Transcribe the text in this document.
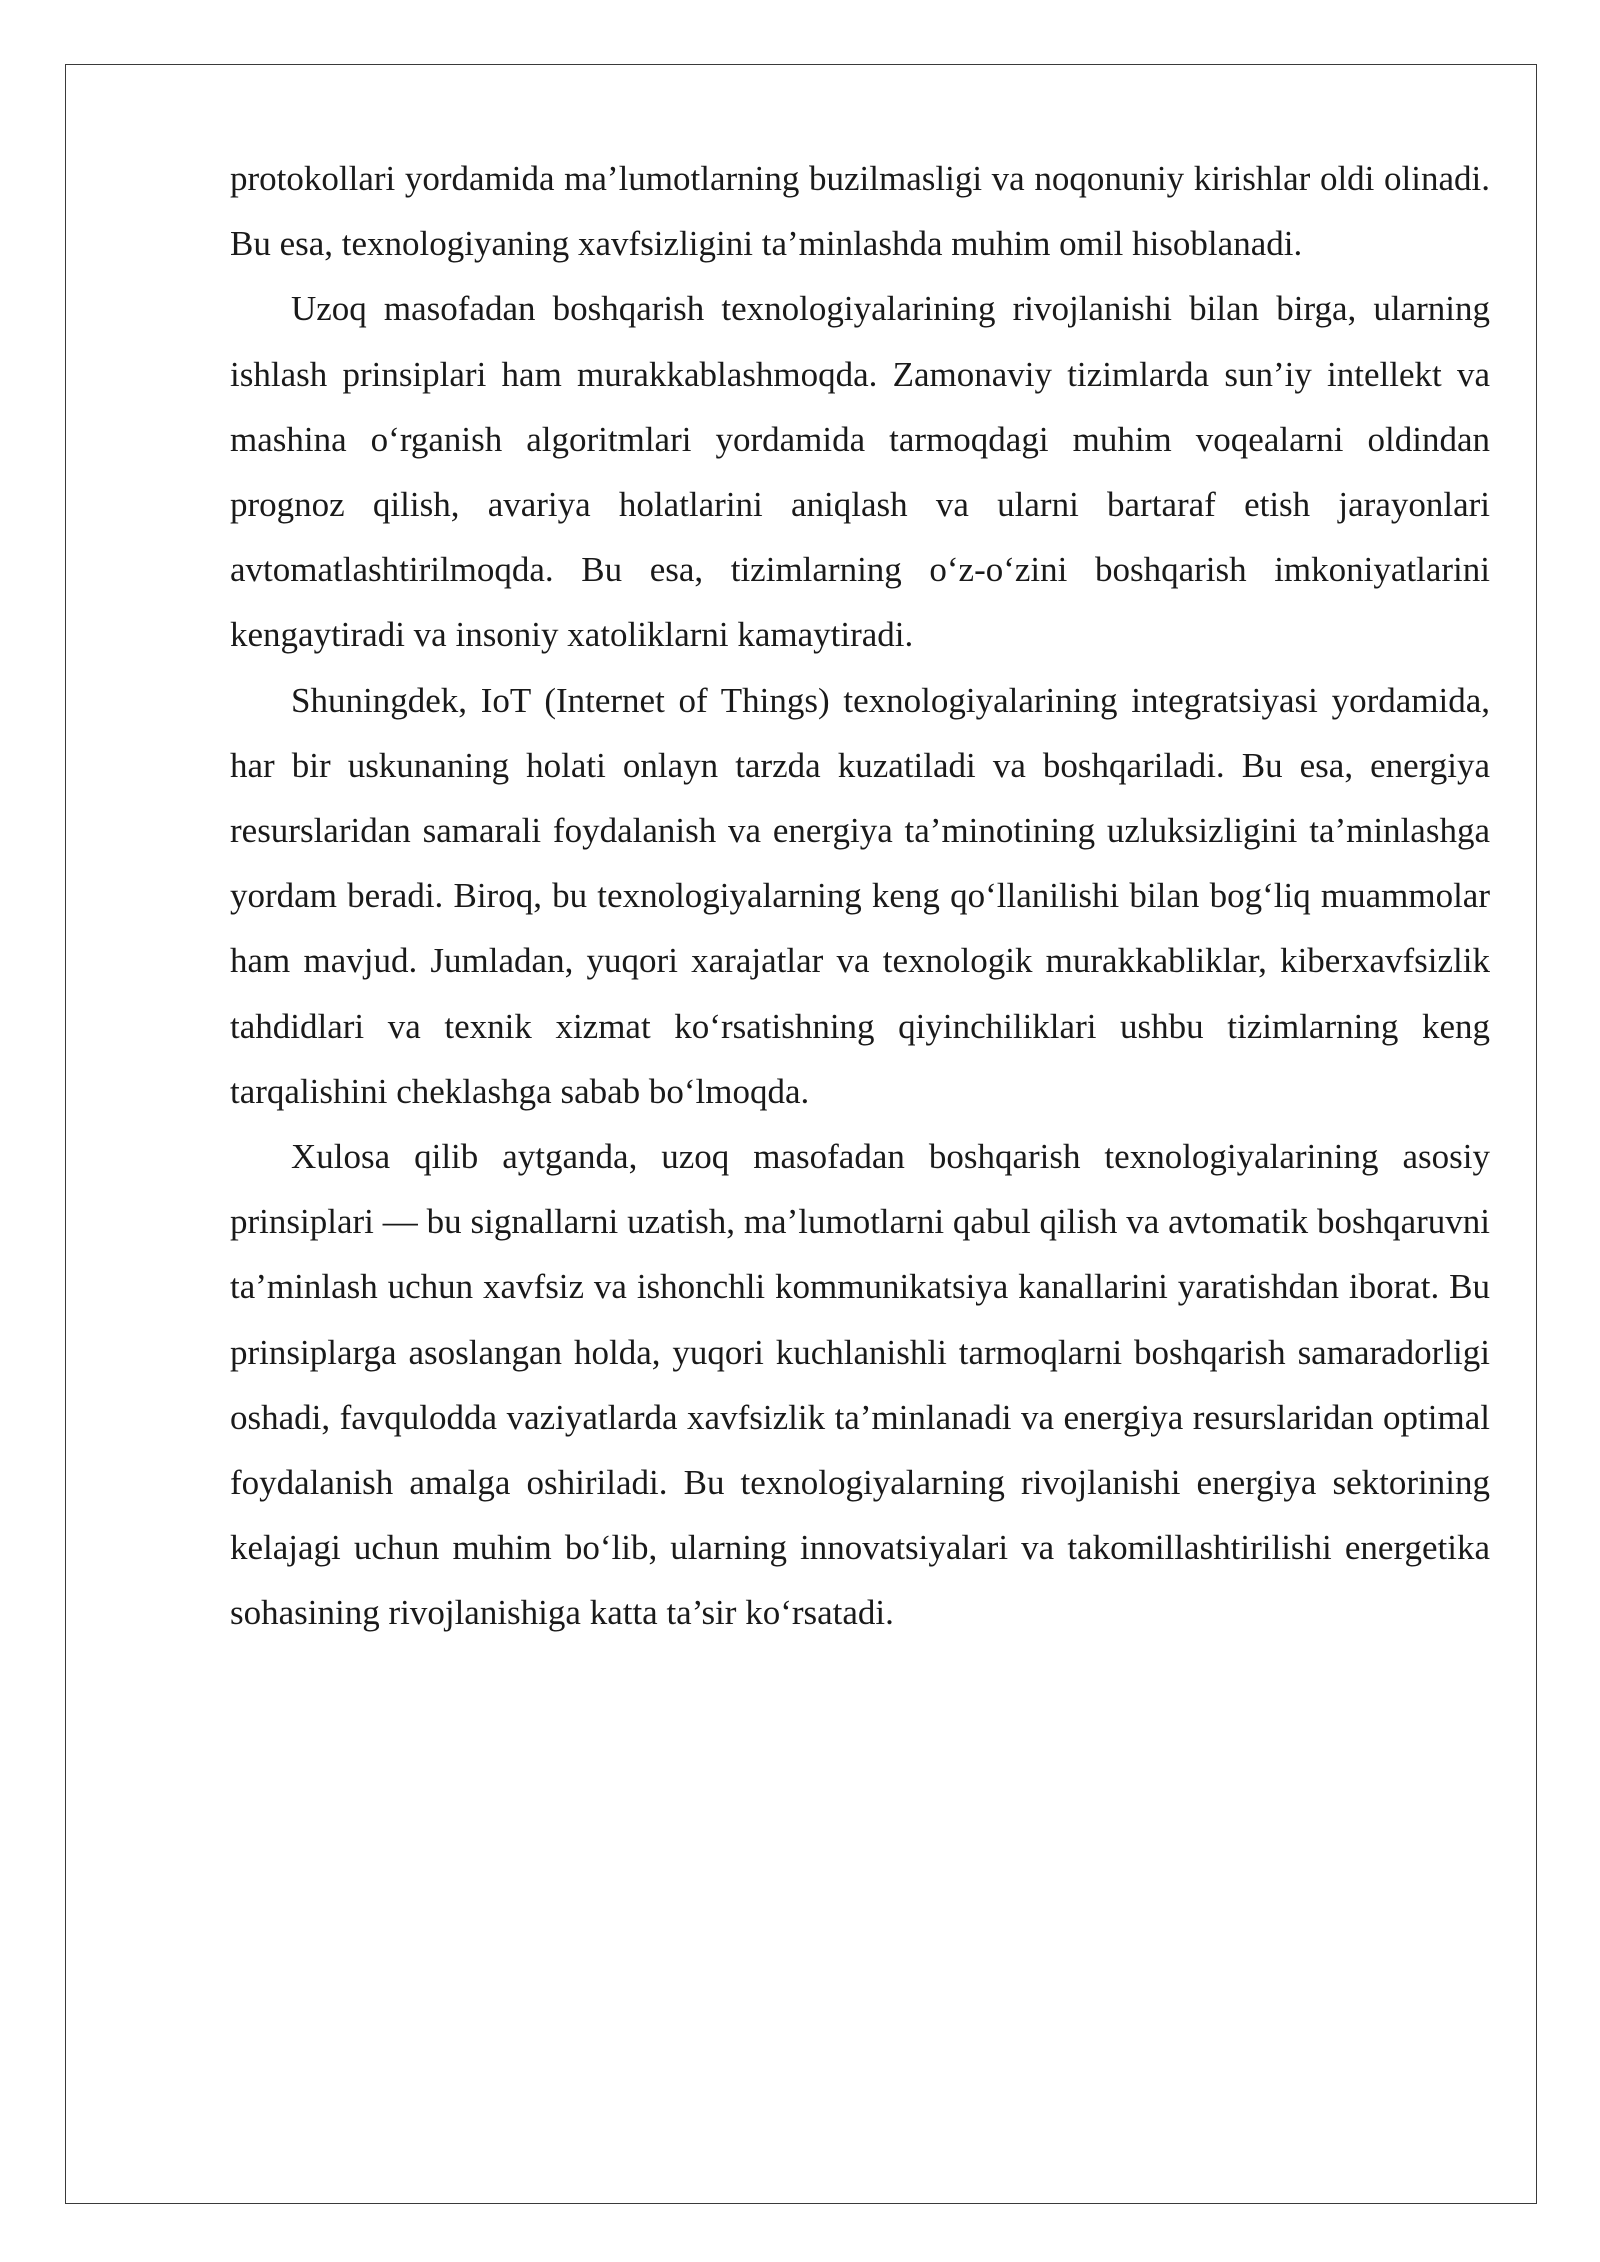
protokollari yordamida ma’lumotlarning buzilmasligi va noqonuniy kirishlar oldi olinadi. Bu esa, texnologiyaning xavfsizligini ta’minlashda muhim omil hisoblanadi.

Uzoq masofadan boshqarish texnologiyalarining rivojlanishi bilan birga, ularning ishlash prinsiplari ham murakkablashmoqda. Zamonaviy tizimlarda sun’iy intellekt va mashina o‘rganish algoritmlari yordamida tarmoqdagi muhim voqealarni oldindan prognoz qilish, avariya holatlarini aniqlash va ularni bartaraf etish jarayonlari avtomatlashtirilmoqda. Bu esa, tizimlarning o‘z-o‘zini boshqarish imkoniyatlarini kengaytiradi va insoniy xatoliklarni kamaytiradi.

Shuningdek, IoT (Internet of Things) texnologiyalarining integratsiyasi yordamida, har bir uskunaning holati onlayn tarzda kuzatiladi va boshqariladi. Bu esa, energiya resurslaridan samarali foydalanish va energiya ta’minotining uzluksizligini ta’minlashga yordam beradi. Biroq, bu texnologiyalarning keng qo‘llanilishi bilan bog‘liq muammolar ham mavjud. Jumladan, yuqori xarajatlar va texnologik murakkabliklar, kiberxavfsizlik tahdidlari va texnik xizmat ko‘rsatishning qiyinchiliklari ushbu tizimlarning keng tarqalishini cheklashga sabab bo‘lmoqda.

Xulosa qilib aytganda, uzoq masofadan boshqarish texnologiyalarining asosiy prinsiplari — bu signallarni uzatish, ma’lumotlarni qabul qilish va avtomatik boshqaruvni ta’minlash uchun xavfsiz va ishonchli kommunikatsiya kanallarini yaratishdan iborat. Bu prinsiplarga asoslangan holda, yuqori kuchlanishli tarmoqlarni boshqarish samaradorligi oshadi, favqulodda vaziyatlarda xavfsizlik ta’minlanadi va energiya resurslaridan optimal foydalanish amalga oshiriladi. Bu texnologiyalarning rivojlanishi energiya sektorining kelajagi uchun muhim bo‘lib, ularning innovatsiyalari va takomillashtirilishi energetika sohasining rivojlanishiga katta ta’sir ko‘rsatadi.
